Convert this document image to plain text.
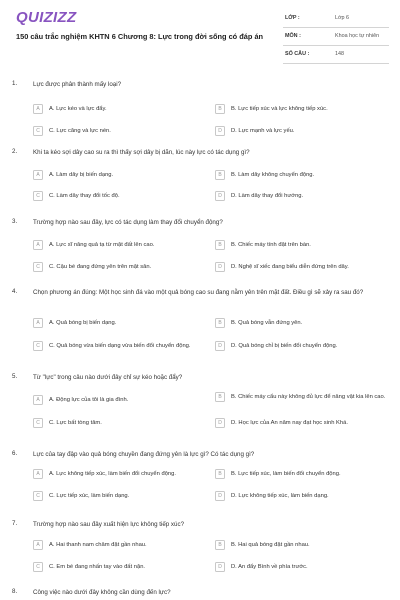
QUIZIZZ
150 câu trắc nghiệm KHTN 6 Chương 8: Lực trong đời sống có đáp án
LỚP :	Lớp 6
MÔN :	Khoa học tự nhiên
SỐ CÂU :	148
1.	Lực được phân thành mấy loại?
A	A. Lực kéo và lực đẩy.	B	B. Lực tiếp xúc và lực không tiếp xúc.
C	C. Lực căng và lực nén.	D	D. Lực mạnh và lực yếu.
2.	Khi ta kéo sợi dây cao su ra thì thấy sợi dây bị dãn, lúc này lực có tác dụng gì?
A	A. Làm dây bị biến dạng.	B	B. Làm dây không chuyển động.
C	C. Làm dây thay đổi tốc độ.	D	D. Làm dây thay đổi hướng.
3.	Trường hợp nào sau đây, lực có tác dụng làm thay đổi chuyển động?
A	A. Lực sĩ nâng quả tạ từ mặt đất lên cao.	B	B. Chiếc máy tính đặt trên bàn.
C	C. Cậu bé đang đứng yên trên mặt sân.	D	D. Nghệ sĩ xiếc đang biểu diễn đứng trên dây.
4.	Chọn phương án đúng: Một học sinh đá vào một quả bóng cao su đang nằm yên trên mặt đất. Điều gì sẽ xảy ra sau đó?
A	A. Quả bóng bị biến dạng.	B	B. Quả bóng vẫn đứng yên.
C	C. Quả bóng vừa biến dạng vừa biến đổi chuyển động.	D	D. Quả bóng chỉ bị biến đổi chuyển động.
5.	Từ "lực" trong câu nào dưới đây chỉ sự kéo hoặc đẩy?
A	A. Động lực của tôi là gia đình.	B	B. Chiếc máy cẩu này không đủ lực để nâng vật kia lên cao.
C	C. Lực bất tòng tâm.	D	D. Học lực của An năm nay đạt học sinh Khá.
6.	Lực của tay đập vào quả bóng chuyền đang đứng yên là lực gì? Có tác dụng gì?
A	A. Lực không tiếp xúc, làm biến đổi chuyển động.	B	B. Lực tiếp xúc, làm biến đổi chuyển động.
C	C. Lực tiếp xúc, làm biến dạng.	D	D. Lực không tiếp xúc, làm biến dạng.
7.	Trường hợp nào sau đây xuất hiện lực không tiếp xúc?
A	A. Hai thanh nam châm đặt gần nhau.	B	B. Hai quả bóng đặt gần nhau.
C	C. Em bé đang nhấn tay vào đất nặn.	D	D. An đẩy Bình về phía trước.
8.	Công việc nào dưới đây không cần dùng đến lực?
